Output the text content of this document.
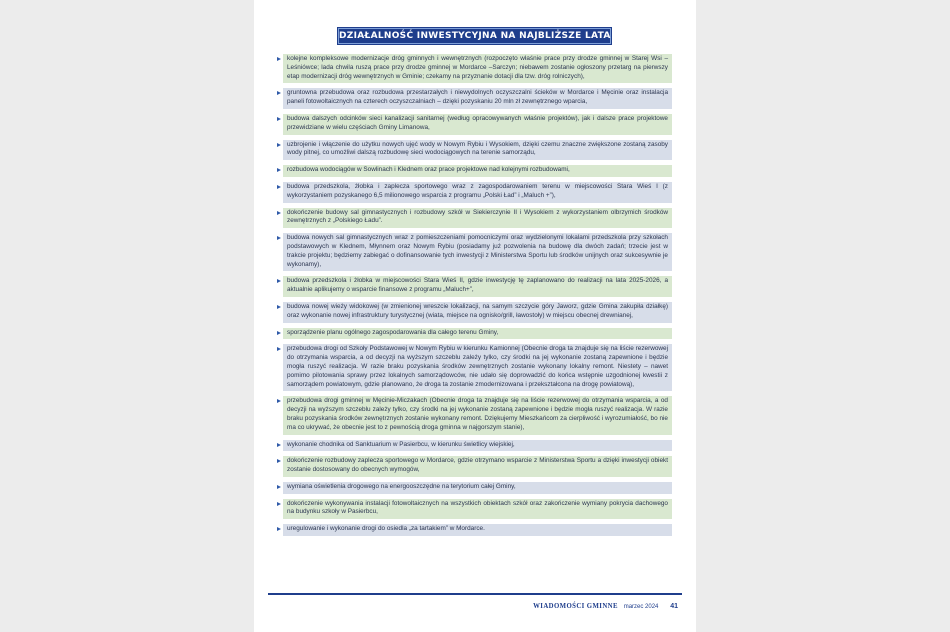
DZIAŁALNOŚĆ INWESTYCYJNA NA NAJBLIŻSZE LATA
kolejne kompleksowe modernizacje dróg gminnych i wewnętrznych (rozpoczęto właśnie prace przy drodze gminnej w Starej Wsi – Leśniówce; lada chwila ruszą prace przy drodze gminnej w Mordarce –Sarczyn; niebawem zostanie ogłoszony przetarg na pierwszy etap modernizacji dróg wewnętrznych w Gminie; czekamy na przyznanie dotacji dla tzw. dróg rolniczych),
gruntowna przebudowa oraz rozbudowa przestarzałych i niewydolnych oczyszczalni ścieków w Mordarce i Męcinie oraz instalacja paneli fotowoltaicznych na czterech oczyszczalniach – dzięki pozyskaniu 20 mln zł zewnętrznego wparcia,
budowa dalszych odcinków sieci kanalizacji sanitarnej (według opracowywanych właśnie projektów), jak i dalsze prace projektowe przewidziane w wielu częściach Gminy Limanowa,
uzbrojenie i włączenie do użytku nowych ujęć wody w Nowym Rybiu i Wysokiem, dzięki czemu znaczne zwiększone zostaną zasoby wody pitnej, co umożliwi dalszą rozbudowę sieci wodociągowych na terenie samorządu,
rozbudowa wodociągów w Sowlinach i Klednem oraz prace projektowe nad kolejnymi rozbudowami,
budowa przedszkola, żłobka i zaplecza sportowego wraz z zagospodarowaniem terenu w miejscowości Stara Wieś I (z wykorzystaniem pozyskanego 6,5 milionowego wsparcia z programu „Polski Ład” i „Maluch +”),
dokończenie budowy sal gimnastycznych i rozbudowy szkół w Siekierczynie II i Wysokiem z wykorzystaniem olbrzymich środków zewnętrznych z „Polskiego Ładu”.
budowa nowych sal gimnastycznych wraz z pomieszczeniami pomocniczymi oraz wydzielonymi lokalami przedszkola przy szkołach podstawowych w Klednem, Młynnem oraz Nowym Rybiu (posiadamy już pozwolenia na budowę dla dwóch zadań; trzecie jest w trakcie projektu; będziemy zabiegać o dofinansowanie tych inwestycji z Ministerstwa Sportu lub środków unijnych oraz sukcesywnie je wykonamy),
budowa przedszkola i żłobka w miejscowości Stara Wieś II, gdzie inwestycję tę zaplanowano do realizacji na lata 2025-2026, a aktualnie aplikujemy o wsparcie finansowe z programu „Maluch+”,
budowa nowej wieży widokowej (w zmienionej wreszcie lokalizacji, na samym szczycie góry Jaworz, gdzie Gmina zakupiła działkę) oraz wykonanie nowej infrastruktury turystycznej (wiata, miejsce na ognisko/grill, ławostoły) w miejscu obecnej drewnianej,
sporządzenie planu ogólnego zagospodarowania dla całego terenu Gminy,
przebudowa drogi od Szkoły Podstawowej w Nowym Rybiu w kierunku Kamionnej (Obecnie droga ta znajduje się na liście rezerwowej do otrzymania wsparcia, a od decyzji na wyższym szczeblu zależy tylko, czy środki na jej wykonanie zostaną zapewnione i będzie mogła ruszyć realizacja. W razie braku pozyskania środków zewnętrznych zostanie wykonany lokalny remont. Niestety – nawet pomimo pilotowania sprawy przez lokalnych samorządowców, nie udało się doprowadzić do końca wstępnie uzgodnionej kwestii z samorządem powiatowym, gdzie planowano, że droga ta zostanie zmodernizowana i przekształcona na drogę powiatową),
przebudowa drogi gminnej w Męcinie-Miczakach (Obecnie droga ta znajduje się na liście rezerwowej do otrzymania wsparcia, a od decyzji na wyższym szczeblu zależy tylko, czy środki na jej wykonanie zostaną zapewnione i będzie mogła ruszyć realizacja. W razie braku pozyskania środków zewnętrznych zostanie wykonany remont. Dziękujemy Mieszkańcom za cierpliwość i wyrozumiałość, bo nie ma co ukrywać, że obecnie jest to z pewnością droga gminna w najgorszym stanie),
wykonanie chodnika od Sanktuarium w Pasierbcu, w kierunku świetlicy wiejskiej,
dokończenie rozbudowy zaplecza sportowego w Mordarce, gdzie otrzymano wsparcie z Ministerstwa Sportu a dzięki inwestycji obiekt zostanie dostosowany do obecnych wymogów,
wymiana oświetlenia drogowego na energooszczędne na terytorium całej Gminy,
dokończenie wykonywania instalacji fotowoltaicznych na wszystkich obiektach szkół oraz zakończenie wymiany pokrycia dachowego na budynku szkoły w Pasierbcu,
uregulowanie i wykonanie drogi do osiedla „za tartakiem” w Mordarce.
WIADOMOŚCI GMINNE marzec 2024 41
